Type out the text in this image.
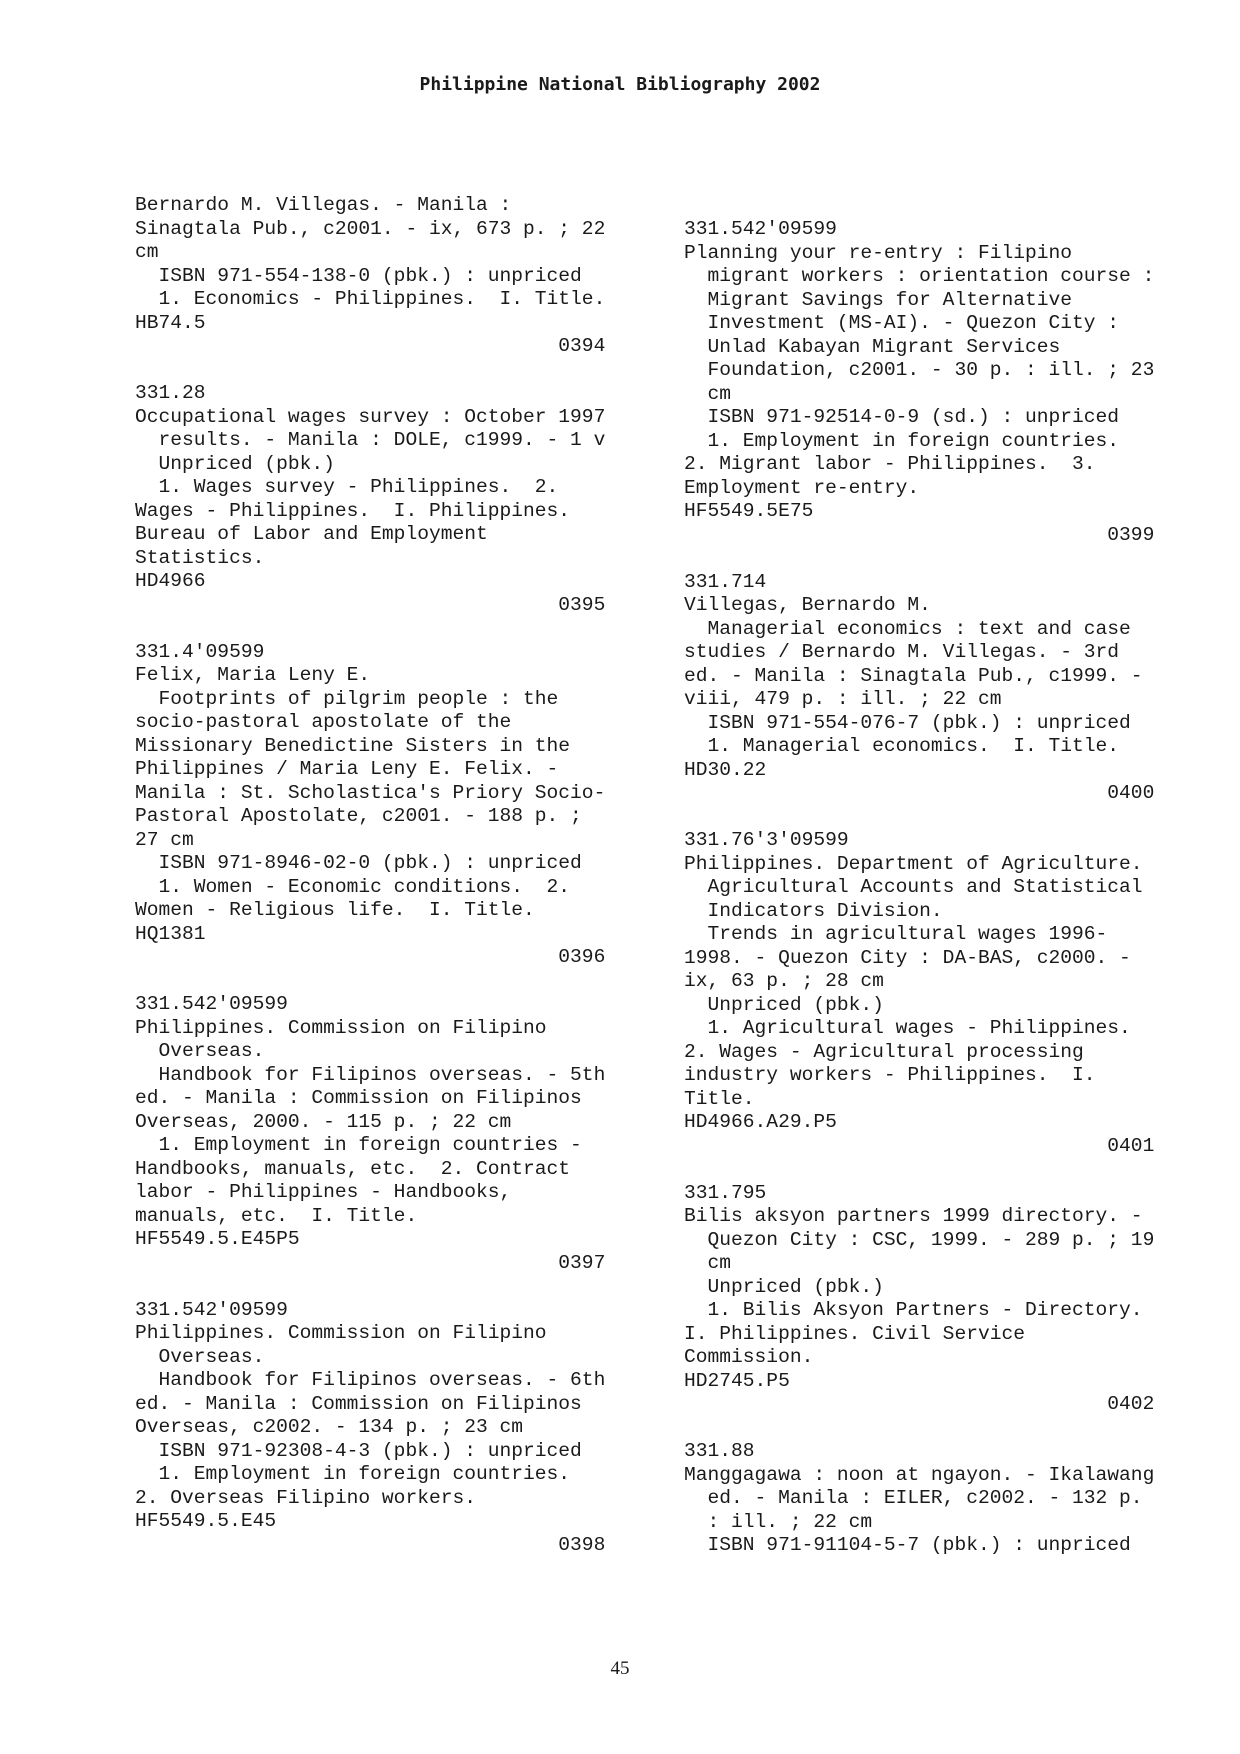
Philippine National Bibliography 2002
Bernardo M. Villegas. - Manila :
Sinagtala Pub., c2001. - ix, 673 p. ; 22
cm
ISBN 971-554-138-0 (pbk.) : unpriced
1. Economics - Philippines.  I. Title.
HB74.5
0394
331.28
Occupational wages survey : October 1997
results. - Manila : DOLE, c1999. - 1 v
Unpriced (pbk.)
1. Wages survey - Philippines.  2.
Wages - Philippines.  I. Philippines.
Bureau of Labor and Employment
Statistics.
HD4966
0395
331.4'09599
Felix, Maria Leny E.
Footprints of pilgrim people : the
socio-pastoral apostolate of the
Missionary Benedictine Sisters in the
Philippines / Maria Leny E. Felix. -
Manila : St. Scholastica's Priory Socio-
Pastoral Apostolate, c2001. - 188 p. ;
27 cm
ISBN 971-8946-02-0 (pbk.) : unpriced
1. Women - Economic conditions.  2.
Women - Religious life.  I. Title.
HQ1381
0396
331.542'09599
Philippines. Commission on Filipino
Overseas.
Handbook for Filipinos overseas. - 5th
ed. - Manila : Commission on Filipinos
Overseas, 2000. - 115 p. ; 22 cm
1. Employment in foreign countries -
Handbooks, manuals, etc.  2. Contract
labor - Philippines - Handbooks,
manuals, etc.  I. Title.
HF5549.5.E45P5
0397
331.542'09599
Philippines. Commission on Filipino
Overseas.
Handbook for Filipinos overseas. - 6th
ed. - Manila : Commission on Filipinos
Overseas, c2002. - 134 p. ; 23 cm
ISBN 971-92308-4-3 (pbk.) : unpriced
1. Employment in foreign countries.
2. Overseas Filipino workers.
HF5549.5.E45
0398
331.542'09599
Planning your re-entry : Filipino
migrant workers : orientation course :
Migrant Savings for Alternative
Investment (MS-AI). - Quezon City :
Unlad Kabayan Migrant Services
Foundation, c2001. - 30 p. : ill. ; 23
cm
ISBN 971-92514-0-9 (sd.) : unpriced
1. Employment in foreign countries.
2. Migrant labor - Philippines.  3.
Employment re-entry.
HF5549.5E75
0399
331.714
Villegas, Bernardo M.
Managerial economics : text and case
studies / Bernardo M. Villegas. - 3rd
ed. - Manila : Sinagtala Pub., c1999. -
viii, 479 p. : ill. ; 22 cm
ISBN 971-554-076-7 (pbk.) : unpriced
1. Managerial economics.  I. Title.
HD30.22
0400
331.76'3'09599
Philippines. Department of Agriculture.
Agricultural Accounts and Statistical
Indicators Division.
Trends in agricultural wages 1996-
1998. - Quezon City : DA-BAS, c2000. -
ix, 63 p. ; 28 cm
Unpriced (pbk.)
1. Agricultural wages - Philippines.
2. Wages - Agricultural processing
industry workers - Philippines.  I.
Title.
HD4966.A29.P5
0401
331.795
Bilis aksyon partners 1999 directory. -
Quezon City : CSC, 1999. - 289 p. ; 19
cm
Unpriced (pbk.)
1. Bilis Aksyon Partners - Directory.
I. Philippines. Civil Service
Commission.
HD2745.P5
0402
331.88
Manggagawa : noon at ngayon. - Ikalawang
ed. - Manila : EILER, c2002. - 132 p.
: ill. ; 22 cm
ISBN 971-91104-5-7 (pbk.) : unpriced
45
